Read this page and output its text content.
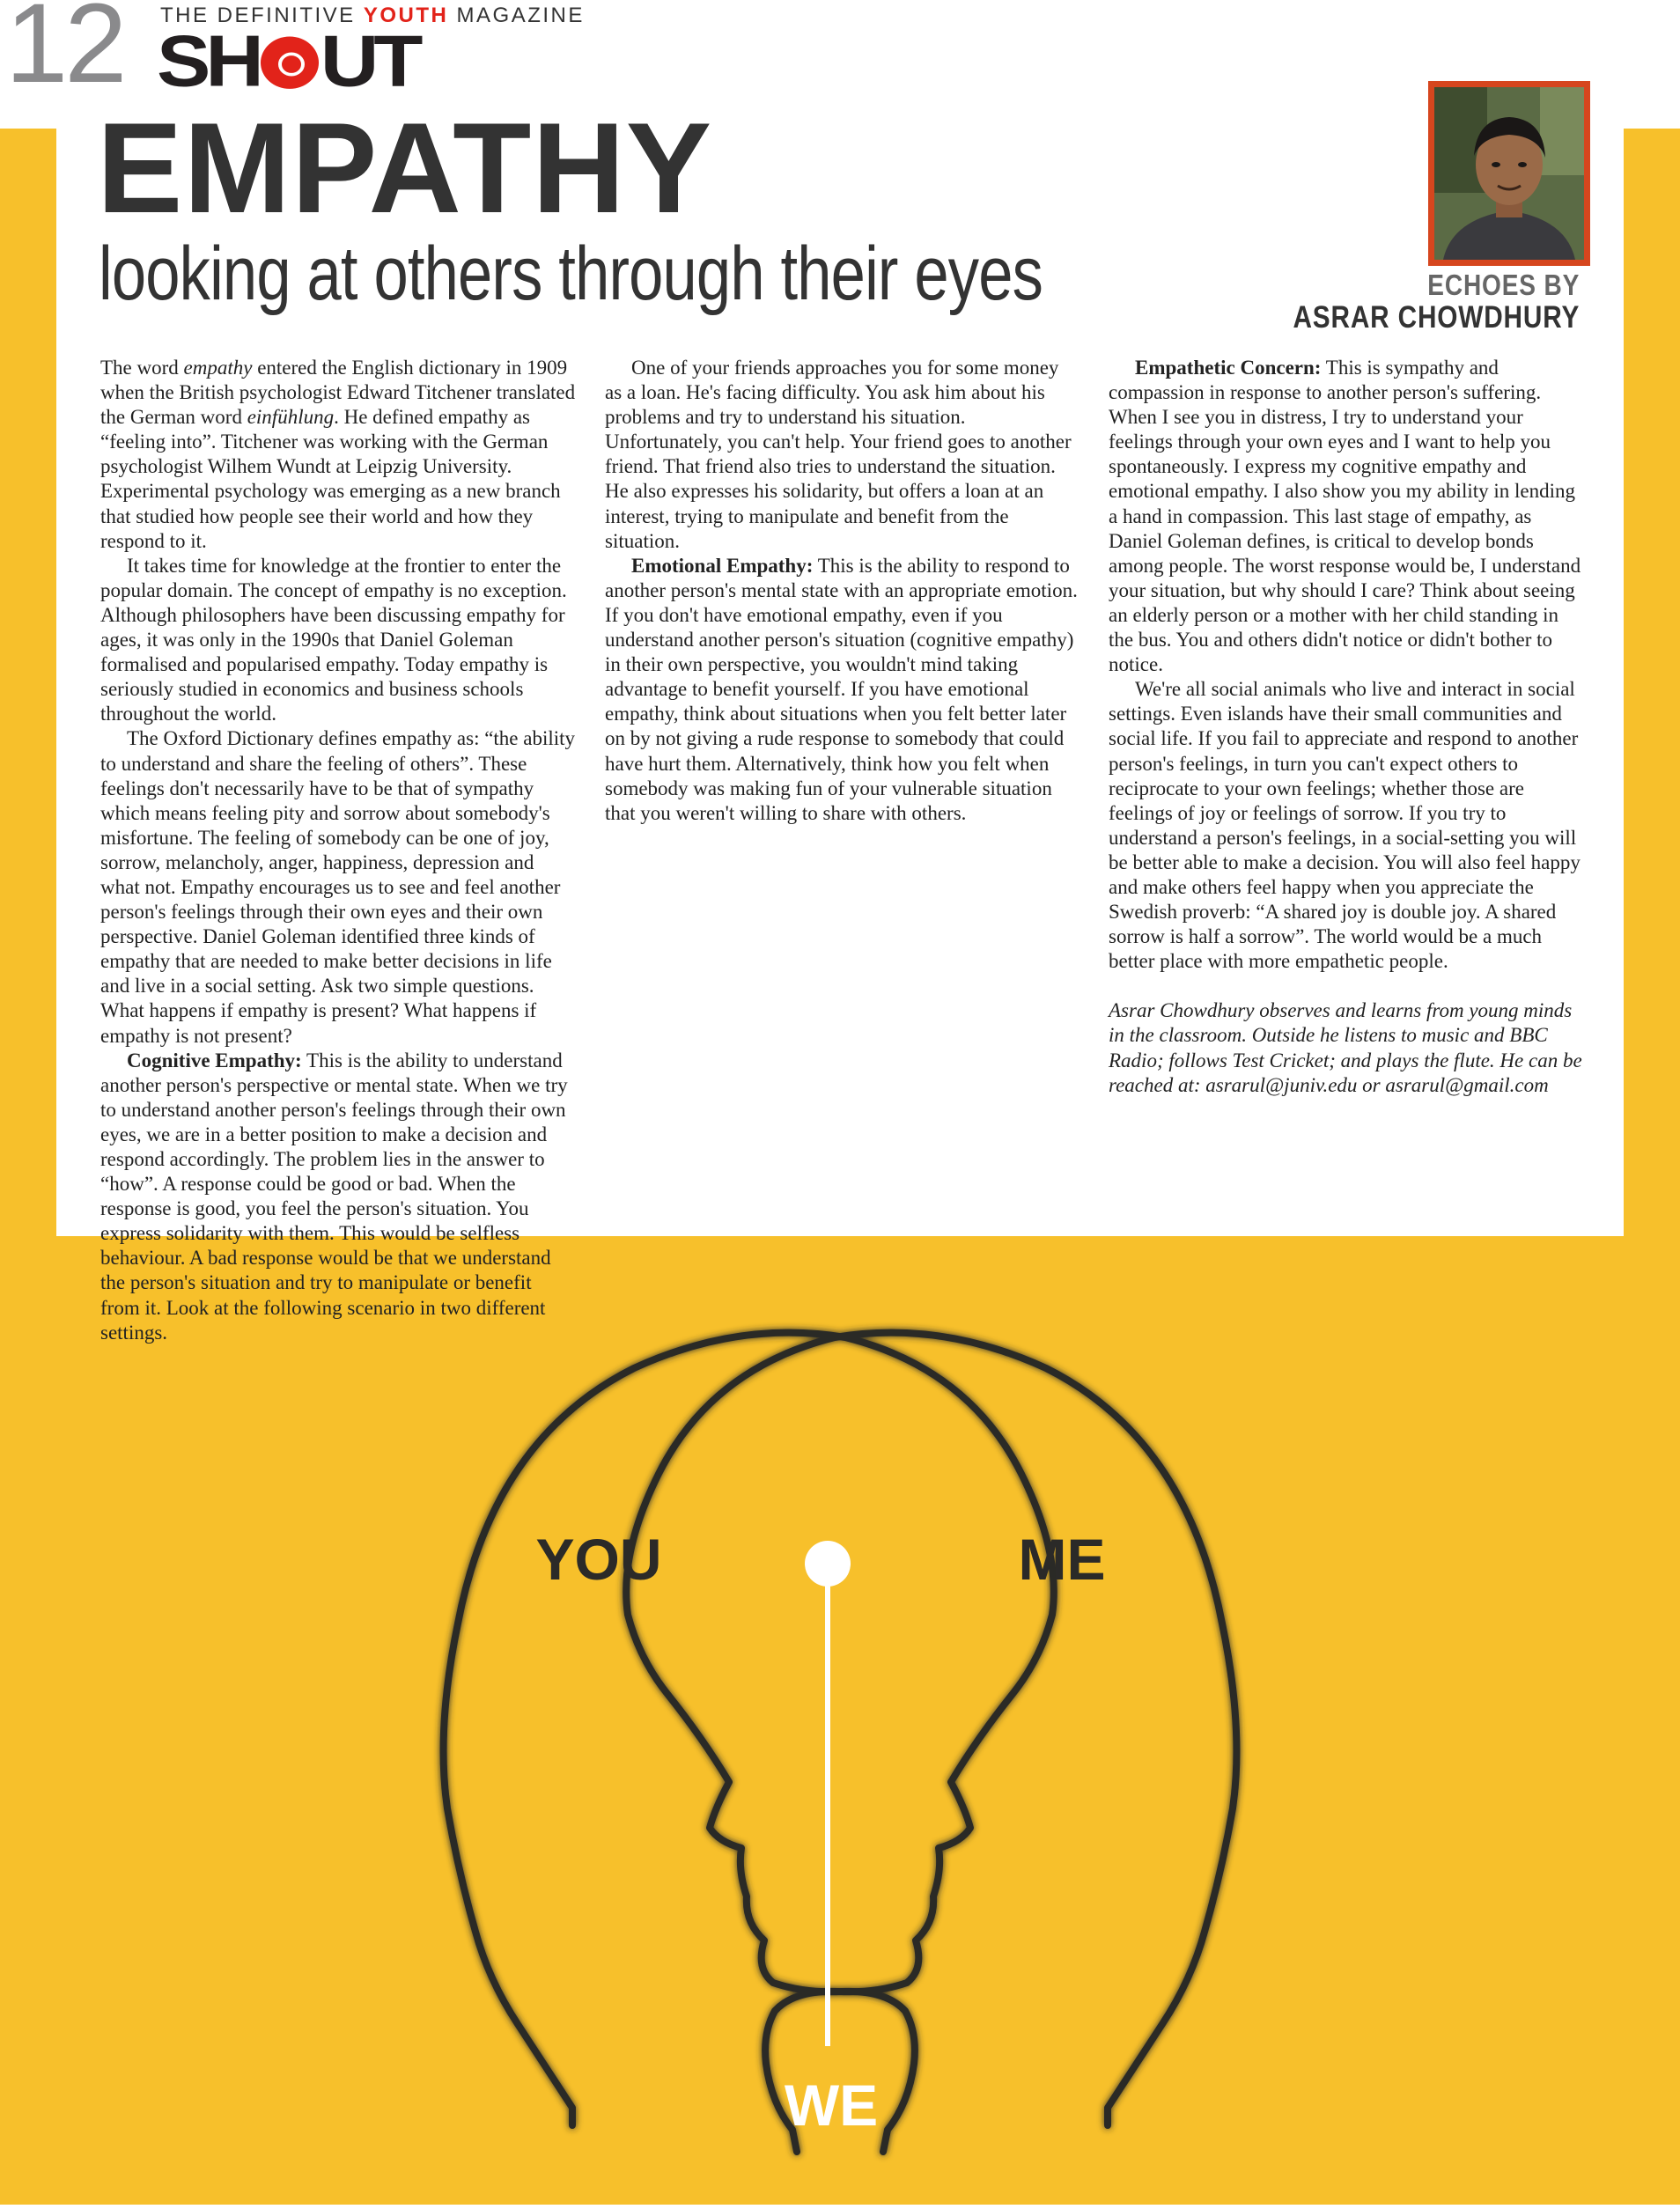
12 THE DEFINITIVE YOUTH MAGAZINE
SH UT
EMPATHY
looking at others through their eyes	ECHOES BY
ASRAR CHOWDHURY

The word empathy entered the English dictionary in 1909 when the British psychologist Edward Titchener translated the German word einfühlung. He defined empathy as “feeling into”. Titchener was working with the German psychologist Wilhem Wundt at Leipzig University. Experimental psychology was emerging as a new branch that studied how people see their world and how they respond to it.

It takes time for knowledge at the frontier to enter the popular domain. The concept of empathy is no exception. Although philosophers have been discussing empathy for ages, it was only in the 1990s that Daniel Goleman formalised and popularised empathy. Today empathy is seriously studied in economics and business schools throughout the world.

The Oxford Dictionary defines empathy as: “the ability to understand and share the feeling of others”. These feelings don't necessarily have to be that of sympathy which means feeling pity and sorrow about somebody's misfortune. The feeling of somebody can be one of joy, sorrow, melancholy, anger, happiness, depression and what not. Empathy encourages us to see and feel another person's feelings through their own eyes and their own perspective. Daniel Goleman identified three kinds of empathy that are needed to make better decisions in life and live in a social setting. Ask two simple questions. What happens if empathy is present? What happens if empathy is not present?

Cognitive Empathy: This is the ability to understand another person's perspective or mental state. When we try to understand another person's feelings through their own eyes, we are in a better position to make a decision and respond accordingly. The problem lies in the answer to “how”. A response could be good or bad. When the response is good, you feel the person's situation. You express solidarity with them. This would be selfless behaviour. A bad response would be that we understand the person's situation and try to manipulate or benefit from it. Look at the following scenario in two different settings.

One of your friends approaches you for some money as a loan. He's facing difficulty. You ask him about his problems and try to understand his situation. Unfortunately, you can't help. Your friend goes to another friend. That friend also tries to understand the situation. He also expresses his solidarity, but offers a loan at an interest, trying to manipulate and benefit from the situation.

Emotional Empathy: This is the ability to respond to another person's mental state with an appropriate emotion. If you don't have emotional empathy, even if you understand another person's situation (cognitive empathy) in their own perspective, you wouldn't mind taking advantage to benefit yourself. If you have emotional empathy, think about situations when you felt better later on by not giving a rude response to somebody that could have hurt them. Alternatively, think how you felt when somebody was making fun of your vulnerable situation that you weren't willing to share with others.

Empathetic Concern: This is sympathy and compassion in response to another person's suffering. When I see you in distress, I try to understand your feelings through your own eyes and I want to help you spontaneously. I express my cognitive empathy and emotional empathy. I also show you my ability in lending a hand in compassion. This last stage of empathy, as Daniel Goleman defines, is critical to develop bonds among people. The worst response would be, I understand your situation, but why should I care? Think about seeing an elderly person or a mother with her child standing in the bus. You and others didn't notice or didn't bother to notice.

We're all social animals who live and interact in social settings. Even islands have their small communities and social life. If you fail to appreciate and respond to another person's feelings, in turn you can't expect others to reciprocate to your own feelings; whether those are feelings of joy or feelings of sorrow. If you try to understand a person's feelings, in a social-setting you will be better able to make a decision. You will also feel happy and make others feel happy when you appreciate the Swedish proverb: “A shared joy is double joy. A shared sorrow is half a sorrow”. The world would be a much better place with more empathetic people.

Asrar Chowdhury observes and learns from young minds in the classroom. Outside he listens to music and BBC Radio; follows Test Cricket; and plays the flute. He can be reached at: asrarul@juniv.edu or asrarul@gmail.com

YOU	ME
WE
